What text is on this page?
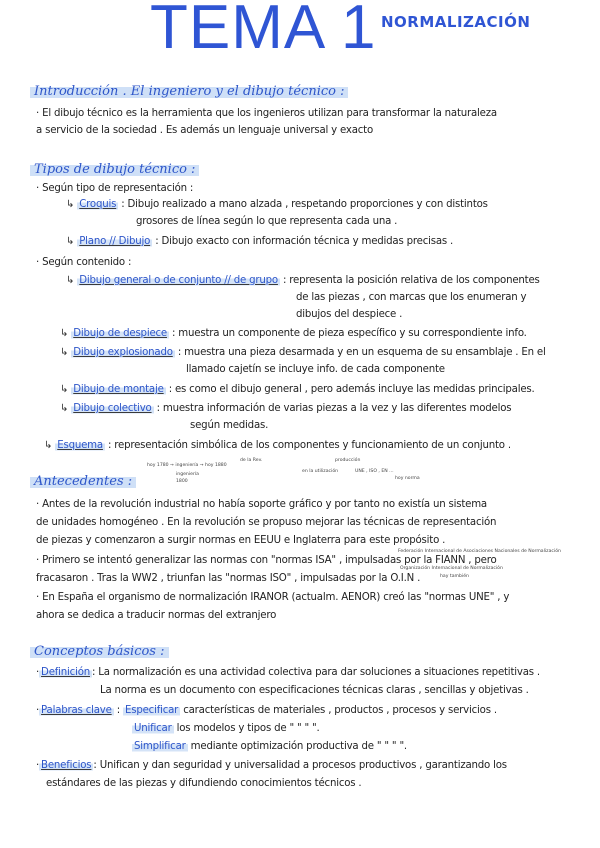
TEMA 1 NORMALIZACIÓN
Introducción . El ingeniero y el dibujo técnico :
· El dibujo técnico es la herramienta que los ingenieros utilizan para transformar la naturaleza
a servicio de la sociedad . Es además un lenguaje universal y exacto
Tipos de dibujo técnico :
· Según tipo de representación :
↳ Croquis : Dibujo realizado a mano alzada , respetando proporciones y con distintos
grosores de línea según lo que representa cada una .
↳ Plano // Dibujo : Dibujo exacto con información técnica y medidas precisas .
· Según contenido :
↳ Dibujo general o de conjunto // de grupo : representa la posición relativa de los componentes
de las piezas , con marcas que los enumeran y
dibujos del despiece .
↳ Dibujo de despiece : muestra un componente de pieza específico y su correspondiente info.
↳ Dibujo explosionado : muestra una pieza desarmada y en un esquema de su ensamblaje . En el
llamado cajetín se incluye info. de cada componente
↳ Dibujo de montaje : es como el dibujo general , pero además incluye las medidas principales.
↳ Dibujo colectivo : muestra información de varias piezas a la vez y las diferentes modelos
según medidas.
↳ Esquema : representación simbólica de los componentes y funcionamiento de un conjunto .
Antecedentes :
hoy 1780 → ingeniería → hoy 1880
de la Rev.
ingeniería
1800
producción
en la utilización	UNE , ISO , EN ...
hoy norma
· Antes de la revolución industrial no había soporte gráfico y por tanto no existía un sistema
de unidades homogéneo . En la revolución se propuso mejorar las técnicas de representación
de piezas y comenzaron a surgir normas en EEUU e Inglaterra para este propósito .
Federación Internacional de Asociaciones Nacionales de Normalización
· Primero se intentó generalizar las normas con "normas ISA" , impulsadas por la FIANN , pero
Organización Internacional de Normalización
fracasaron . Tras la WW2 , triunfan las "normas ISO" , impulsadas por la O.I.N .	hay también
· En España el organismo de normalización IRANOR (actualm. AENOR) creó las "normas UNE" , y
ahora se dedica a traducir normas del extranjero
Conceptos básicos :
· Definición : La normalización es una actividad colectiva para dar soluciones a situaciones repetitivas .
La norma es un documento con especificaciones técnicas claras , sencillas y objetivas .
· Palabras clave : Especificar características de materiales , productos , procesos y servicios .
Unificar los modelos y tipos de " " " ".
Simplificar mediante optimización productiva de " " " ".
· Beneficios : Unifican y dan seguridad y universalidad a procesos productivos , garantizando los
estándares de las piezas y difundiendo conocimientos técnicos .
